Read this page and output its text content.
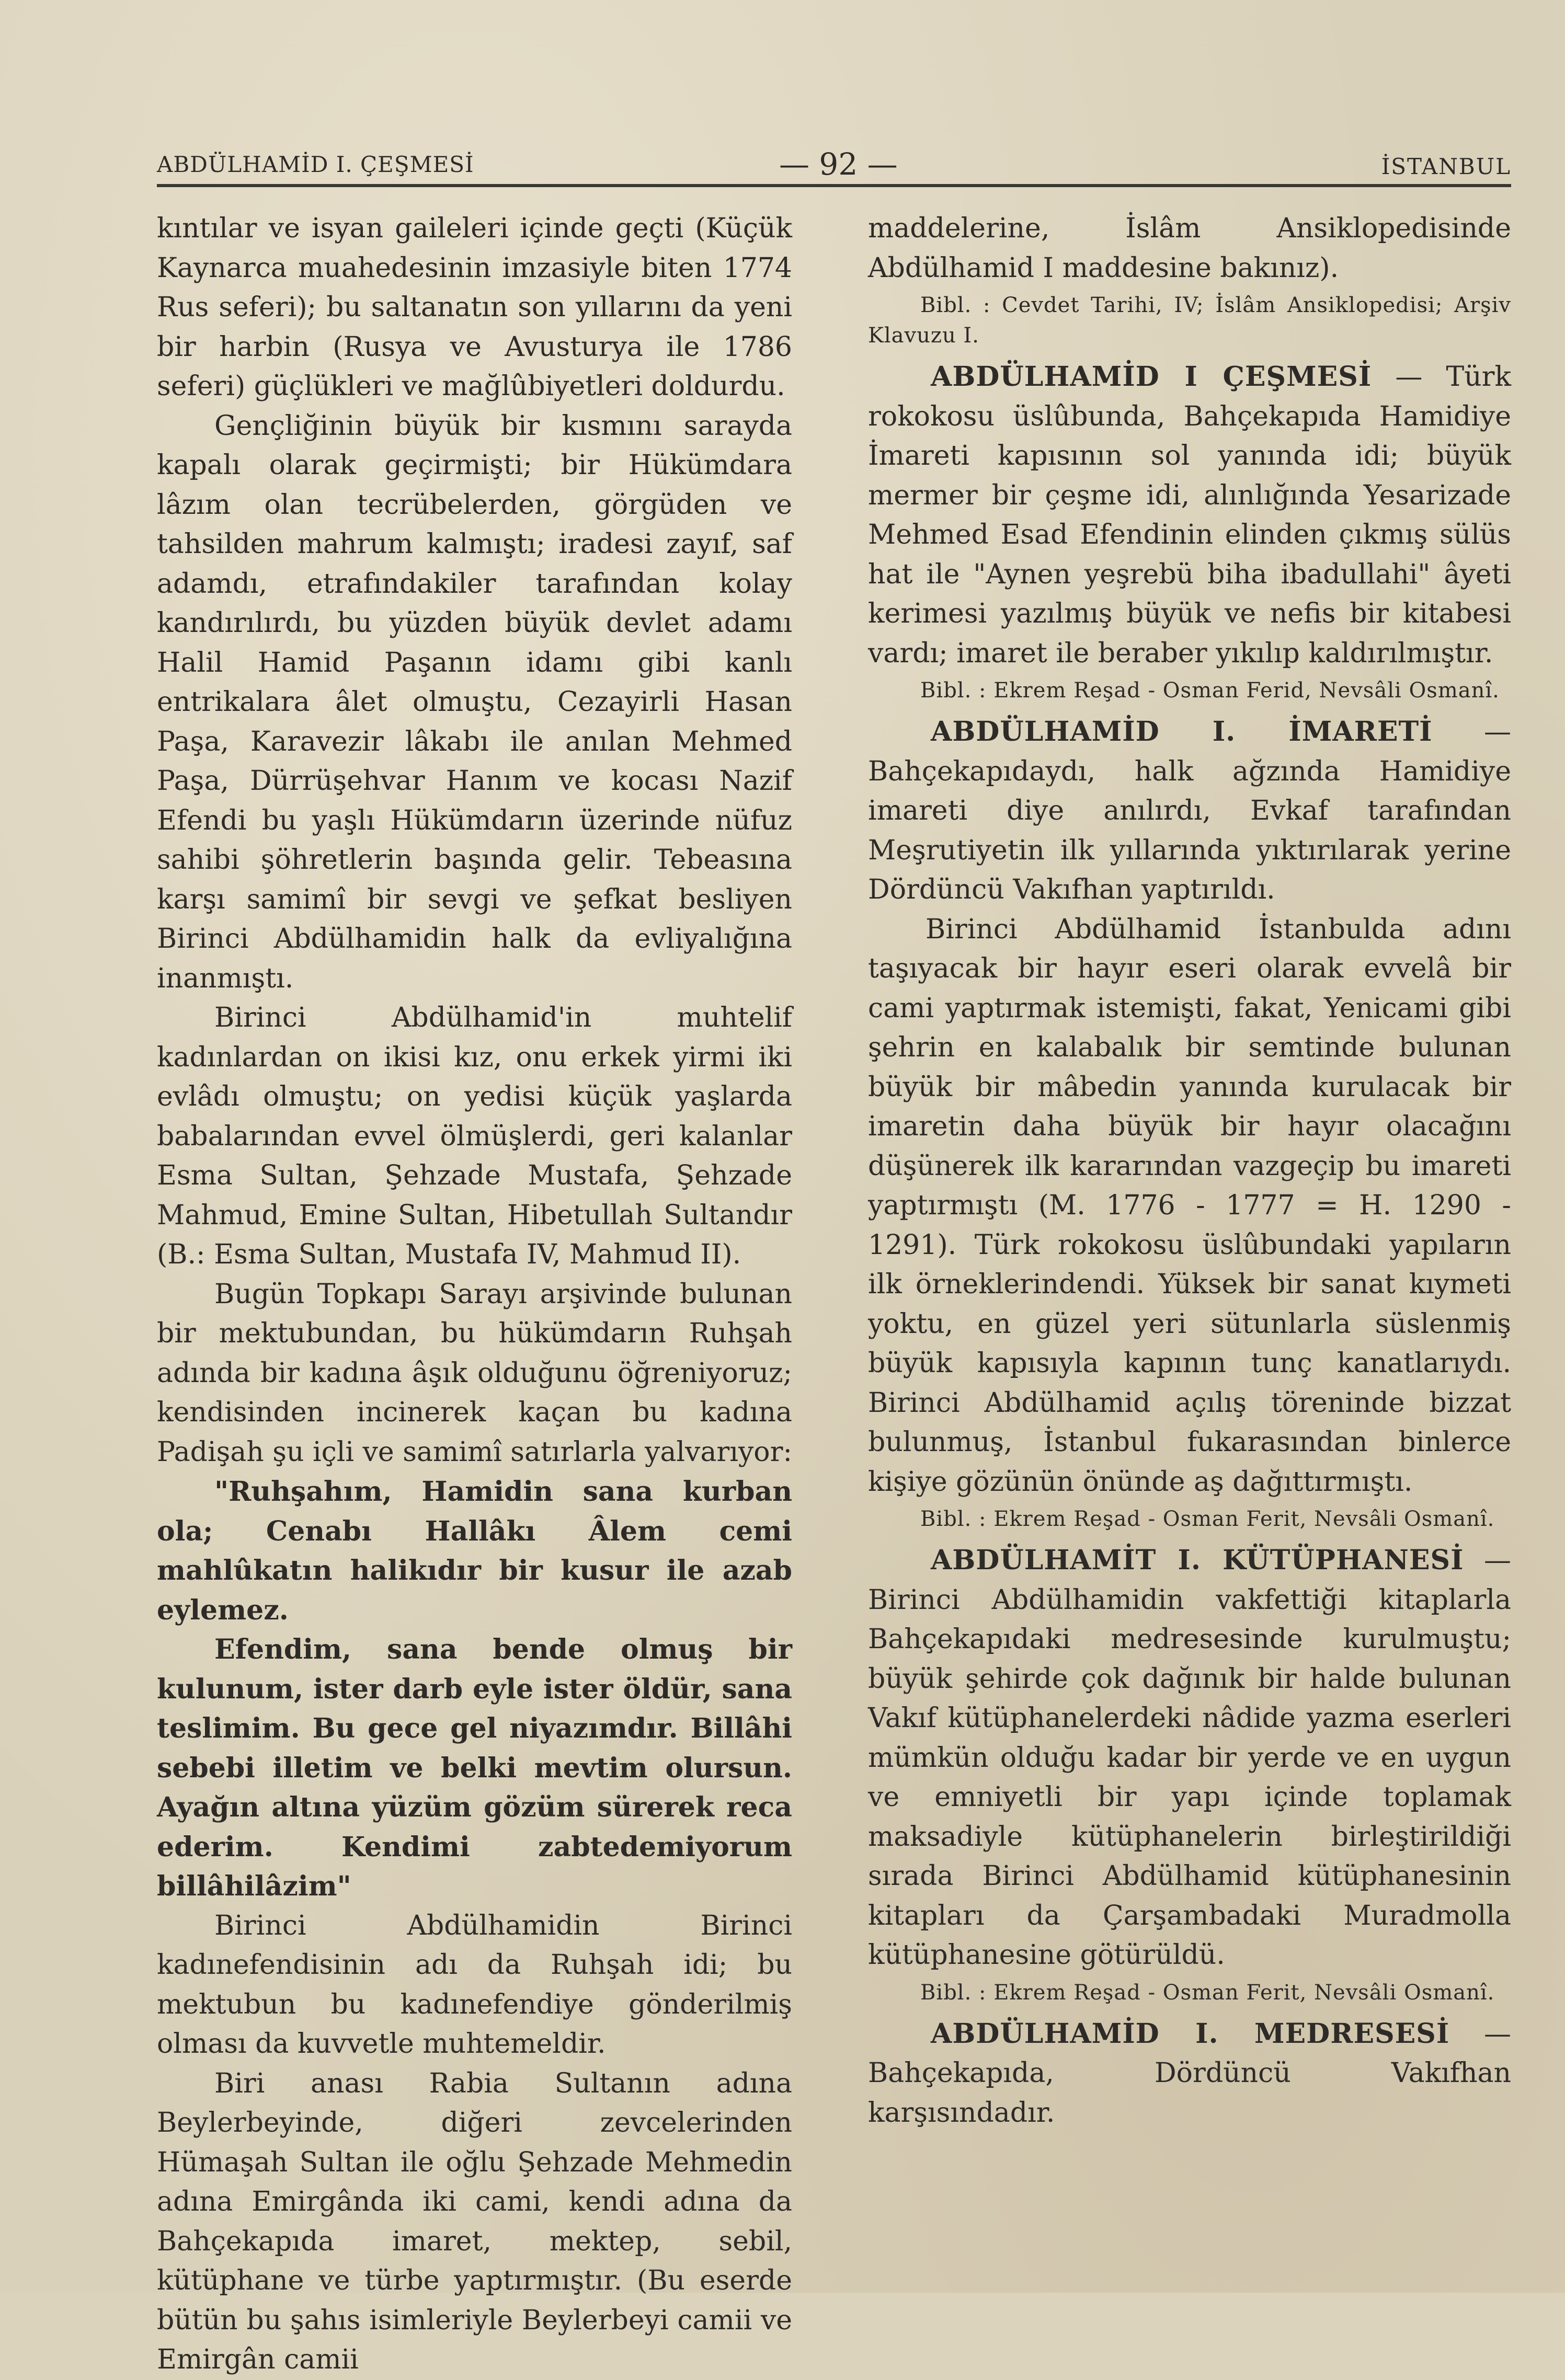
ABDÜLHAMİD I. ÇEŞMESİ	— 92 —	İSTANBUL

kıntılar ve isyan gaileleri içinde geçti (Küçük Kaynarca muahedesinin imzasiyle biten 1774 Rus seferi); bu saltanatın son yıllarını da yeni bir harbin (Rusya ve Avusturya ile 1786 seferi) güçlükleri ve mağlûbiyetleri doldurdu.

Gençliğinin büyük bir kısmını sarayda kapalı olarak geçirmişti; bir Hükümdara lâzım olan tecrübelerden, görgüden ve tahsilden mahrum kalmıştı; iradesi zayıf, saf adamdı, etrafındakiler tarafından kolay kandırılırdı, bu yüzden büyük devlet adamı Halil Hamid Paşanın idamı gibi kanlı entrikalara âlet olmuştu, Cezayirli Hasan Paşa, Karavezir lâkabı ile anılan Mehmed Paşa, Dürrüşehvar Hanım ve kocası Nazif Efendi bu yaşlı Hükümdarın üzerinde nüfuz sahibi şöhretlerin başında gelir. Tebeasına karşı samimî bir sevgi ve şefkat besliyen Birinci Abdülhamidin halk da evliyalığına inanmıştı.

Birinci Abdülhamid'in muhtelif kadınlardan on ikisi kız, onu erkek yirmi iki evlâdı olmuştu; on yedisi küçük yaşlarda babalarından evvel ölmüşlerdi, geri kalanlar Esma Sultan, Şehzade Mustafa, Şehzade Mahmud, Emine Sultan, Hibetullah Sultandır (B.: Esma Sultan, Mustafa IV, Mahmud II).

Bugün Topkapı Sarayı arşivinde bulunan bir mektubundan, bu hükümdarın Ruhşah adında bir kadına âşık olduğunu öğreniyoruz; kendisinden incinerek kaçan bu kadına Padişah şu içli ve samimî satırlarla yalvarıyor:

"Ruhşahım, Hamidin sana kurban ola; Cenabı Hallâkı Âlem cemi mahlûkatın halikıdır bir kusur ile azab eylemez.

Efendim, sana bende olmuş bir kulunum, ister darb eyle ister öldür, sana teslimim. Bu gece gel niyazımdır. Billâhi sebebi illetim ve belki mevtim olursun. Ayağın altına yüzüm gözüm sürerek reca ederim. Kendimi zabtedemiyorum billâhilâzim"

Birinci Abdülhamidin Birinci kadınefendisinin adı da Ruhşah idi; bu mektubun bu kadınefendiye gönderilmiş olması da kuvvetle muhtemeldir.

Biri anası Rabia Sultanın adına Beylerbeyinde, diğeri zevcelerinden Hümaşah Sultan ile oğlu Şehzade Mehmedin adına Emirgânda iki cami, kendi adına da Bahçekapıda imaret, mektep, sebil, kütüphane ve türbe yaptırmıştır. (Bu eserde bütün bu şahıs isimleriyle Beylerbeyi camii ve Emirgân camii

maddelerine, İslâm Ansiklopedisinde Abdülhamid I maddesine bakınız).

Bibl. : Cevdet Tarihi, IV; İslâm Ansiklopedisi; Arşiv Klavuzu I.

ABDÜLHAMİD I ÇEŞMESİ — Türk rokokosu üslûbunda, Bahçekapıda Hamidiye İmareti kapısının sol yanında idi; büyük mermer bir çeşme idi, alınlığında Yesarizade Mehmed Esad Efendinin elinden çıkmış sülüs hat ile "Aynen yeşrebü biha ibadullahi" âyeti kerimesi yazılmış büyük ve nefis bir kitabesi vardı; imaret ile beraber yıkılıp kaldırılmıştır.

Bibl. : Ekrem Reşad - Osman Ferid, Nevsâli Osmanî.

ABDÜLHAMİD I. İMARETİ — Bahçekapıdaydı, halk ağzında Hamidiye imareti diye anılırdı, Evkaf tarafından Meşrutiyetin ilk yıllarında yıktırılarak yerine Dördüncü Vakıfhan yaptırıldı.

Birinci Abdülhamid İstanbulda adını taşıyacak bir hayır eseri olarak evvelâ bir cami yaptırmak istemişti, fakat, Yenicami gibi şehrin en kalabalık bir semtinde bulunan büyük bir mâbedin yanında kurulacak bir imaretin daha büyük bir hayır olacağını düşünerek ilk kararından vazgeçip bu imareti yaptırmıştı (M. 1776 - 1777 = H. 1290 - 1291). Türk rokokosu üslûbundaki yapıların ilk örneklerindendi. Yüksek bir sanat kıymeti yoktu, en güzel yeri sütunlarla süslenmiş büyük kapısıyla kapının tunç kanatlarıydı. Birinci Abdülhamid açılış töreninde bizzat bulunmuş, İstanbul fukarasından binlerce kişiye gözünün önünde aş dağıttırmıştı.

Bibl. : Ekrem Reşad - Osman Ferit, Nevsâli Osmanî.

ABDÜLHAMİT I. KÜTÜPHANESİ — Birinci Abdülhamidin vakfettiği kitaplarla Bahçekapıdaki medresesinde kurulmuştu; büyük şehirde çok dağınık bir halde bulunan Vakıf kütüphanelerdeki nâdide yazma eserleri mümkün olduğu kadar bir yerde ve en uygun ve emniyetli bir yapı içinde toplamak maksadiyle kütüphanelerin birleştirildiği sırada Birinci Abdülhamid kütüphanesinin kitapları da Çarşambadaki Muradmolla kütüphanesine götürüldü.

Bibl. : Ekrem Reşad - Osman Ferit, Nevsâli Osmanî.

ABDÜLHAMİD I. MEDRESESİ — Bahçekapıda, Dördüncü Vakıfhan karşısındadır.
